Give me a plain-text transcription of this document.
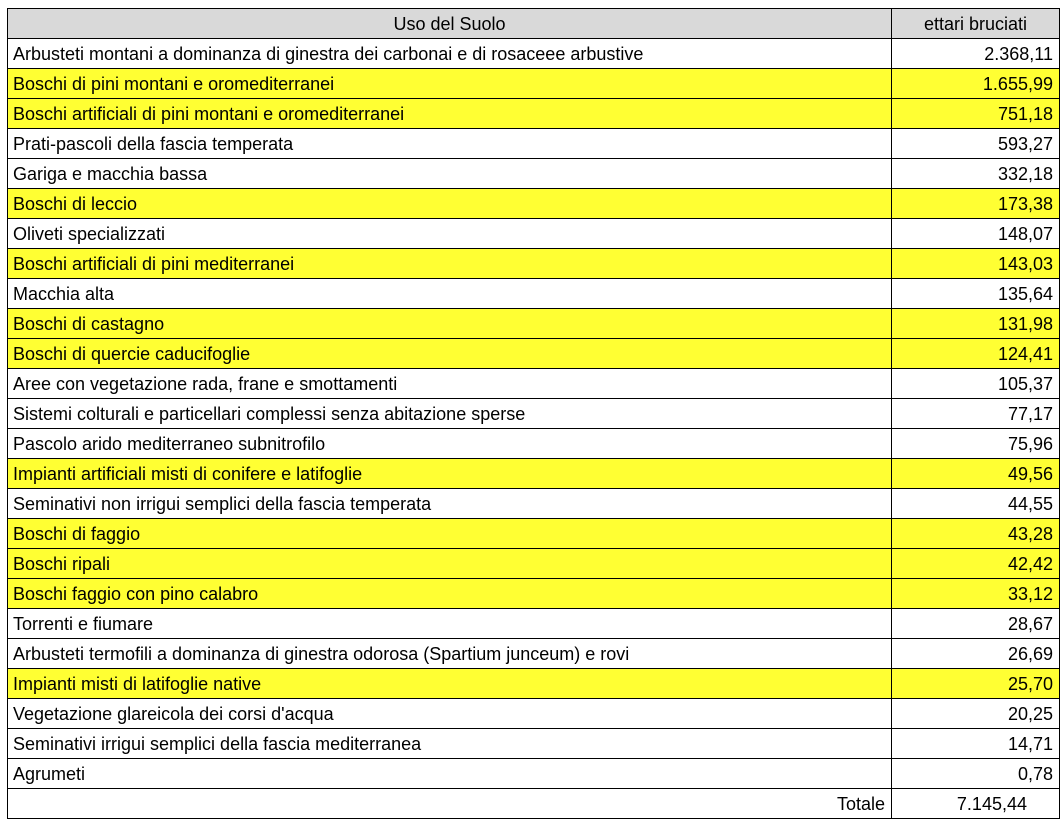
Uso del Suolo	ettari bruciati
Arbusteti montani a dominanza di ginestra dei carbonai e di rosaceee arbustive	2.368,11
Boschi di pini montani e oromediterranei	1.655,99
Boschi artificiali di pini montani e oromediterranei	751,18
Prati-pascoli della fascia temperata	593,27
Gariga e macchia bassa	332,18
Boschi di leccio	173,38
Oliveti specializzati	148,07
Boschi artificiali di pini mediterranei	143,03
Macchia alta	135,64
Boschi di castagno	131,98
Boschi di quercie caducifoglie	124,41
Aree con vegetazione rada, frane e smottamenti	105,37
Sistemi colturali e particellari complessi senza abitazione sperse	77,17
Pascolo arido mediterraneo subnitrofilo	75,96
Impianti artificiali misti di conifere e latifoglie	49,56
Seminativi non irrigui semplici della fascia temperata	44,55
Boschi di faggio	43,28
Boschi ripali	42,42
Boschi faggio con pino calabro	33,12
Torrenti e fiumare	28,67
Arbusteti termofili a dominanza di ginestra odorosa (Spartium junceum) e rovi	26,69
Impianti misti di latifoglie native	25,70
Vegetazione glareicola dei corsi d'acqua	20,25
Seminativi irrigui semplici della fascia mediterranea	14,71
Agrumeti	0,78
Totale	7.145,44
